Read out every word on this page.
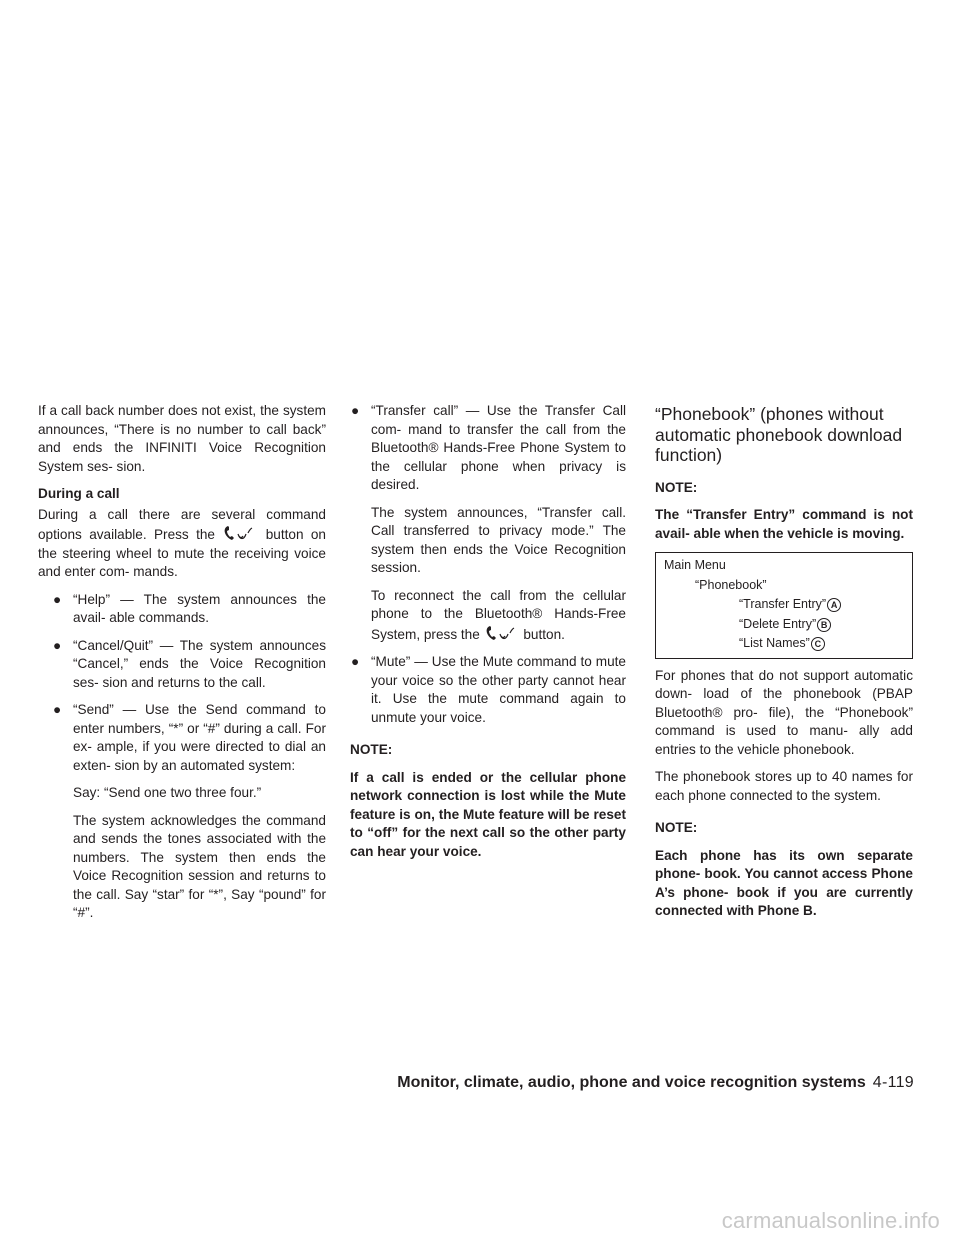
If a call back number does not exist, the system announces, “There is no number to call back” and ends the INFINITI Voice Recognition System ses- sion.

During a call

During a call there are several command options available. Press the	button on the steering wheel to mute the receiving voice and enter com- mands.

● “Help” — The system announces the avail- able commands.
● “Cancel/Quit” — The system announces “Cancel,” ends the Voice Recognition ses- sion and returns to the call.
● “Send” — Use the Send command to enter numbers, “*” or “#” during a call. For ex- ample, if you were directed to dial an exten- sion by an automated system:

Say: “Send one two three four.”

The system acknowledges the command and sends the tones associated with the numbers. The system then ends the Voice Recognition session and returns to the call. Say “star” for “*”, Say “pound” for “#”.

● “Transfer call” — Use the Transfer Call com- mand to transfer the call from the Bluetooth® Hands-Free Phone System to the cellular phone when privacy is desired.

The system announces, “Transfer call. Call transferred to privacy mode.” The system then ends the Voice Recognition session.

To reconnect the call from the cellular phone to the Bluetooth® Hands-Free System, press the	button.

● “Mute” — Use the Mute command to mute your voice so the other party cannot hear it. Use the mute command again to unmute your voice.
NOTE:

If a call is ended or the cellular phone network connection is lost while the Mute feature is on, the Mute feature will be reset to “off” for the next call so the other party can hear your voice.

“Phonebook” (phones without automatic phonebook download function)
NOTE:

The “Transfer Entry” command is not avail- able when the vehicle is moving.

Main Menu
“Phonebook”
“Transfer Entry” A
“Delete Entry” B
“List Names” C

For phones that do not support automatic down- load of the phonebook (PBAP Bluetooth® pro- file), the “Phonebook” command is used to manu- ally add entries to the vehicle phonebook.

The phonebook stores up to 40 names for each phone connected to the system.

NOTE:

Each phone has its own separate phone- book. You cannot access Phone A’s phone- book if you are currently connected with Phone B.

Monitor, climate, audio, phone and voice recognition systems 4-119
carmanualsonline.info
